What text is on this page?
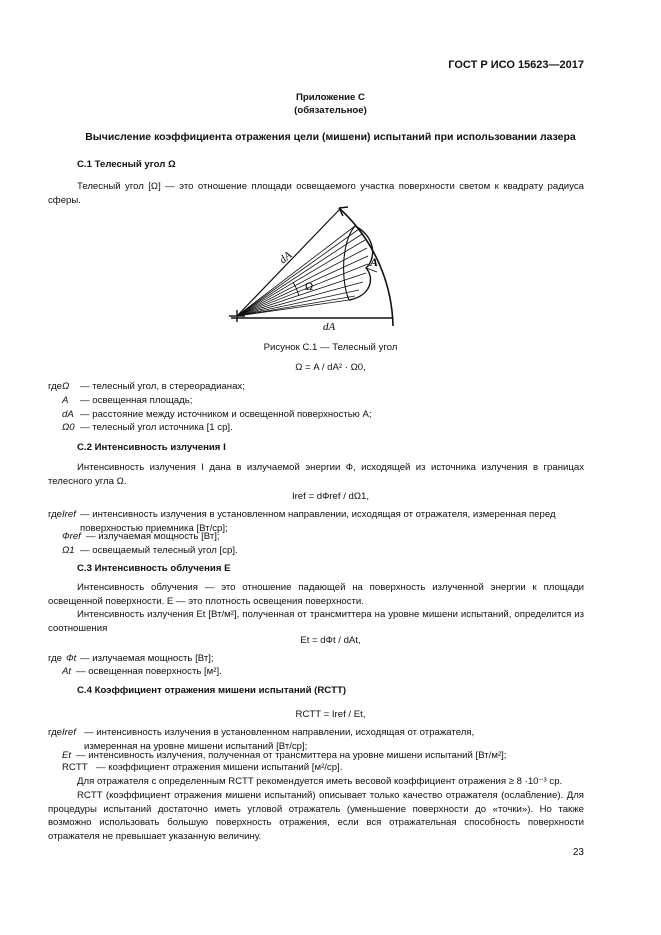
ГОСТ Р ИСО 15623—2017
Приложение С
(обязательное)
Вычисление коэффициента отражения цели (мишени) испытаний при использовании лазера
С.1 Телесный угол Ω
Телесный угол [Ω] — это отношение площади освещаемого участка поверхности светом к квадрату радиуса сферы.
dA	A
Ω
dA
Рисунок С.1 — Телесный угол
Ω = A / dA² · Ω0,
где Ω — телесный угол, в стереорадианах;
A — освещенная площадь;
dA — расстояние между источником и освещенной поверхностью A;
Ω0 — телесный угол источника [1 ср].
С.2 Интенсивность излучения I
Интенсивность излучения I дана в излучаемой энергии Ф, исходящей из источника излучения в границах телесного угла Ω.
Iref = dФref / dΩ1,
где Iref — интенсивность излучения в установленном направлении, исходящая от отражателя, измеренная перед поверхностью приемника [Вт/ср];
Фref — излучаемая мощность [Вт];
Ω1 — освещаемый телесный угол [ср].
С.3 Интенсивность облучения E
Интенсивность облучения — это отношение падающей на поверхность излученной энергии к площади освещенной поверхности. E — это плотность освещения поверхности.
Интенсивность излучения Et [Вт/м²], полученная от трансмиттера на уровне мишени испытаний, определится из соотношения
Et = dФt / dAt,
где Фt — излучаемая мощность [Вт];
At — освещенная поверхность [м²].
С.4 Коэффициент отражения мишени испытаний (RCTT)
RCTT = Iref / Et,
где Iref — интенсивность излучения в установленном направлении, исходящая от отражателя, измеренная на уровне мишени испытаний [Вт/ср];
Et — интенсивность излучения, полученная от трансмиттера на уровне мишени испытаний [Вт/м²];
RCTT — коэффициент отражения мишени испытаний [м²/ср].
Для отражателя с определенным RCTT рекомендуется иметь весовой коэффициент отражения ≥ 8 ·10⁻³ ср.
RCTT (коэффициент отражения мишени испытаний) описывает только качество отражателя (ослабление). Для процедуры испытаний достаточно иметь угловой отражатель (уменьшение поверхности до «точки»). Но также возможно использовать большую поверхность отражения, если вся отражательная способность поверхности отражателя не превышает указанную величину.
23
